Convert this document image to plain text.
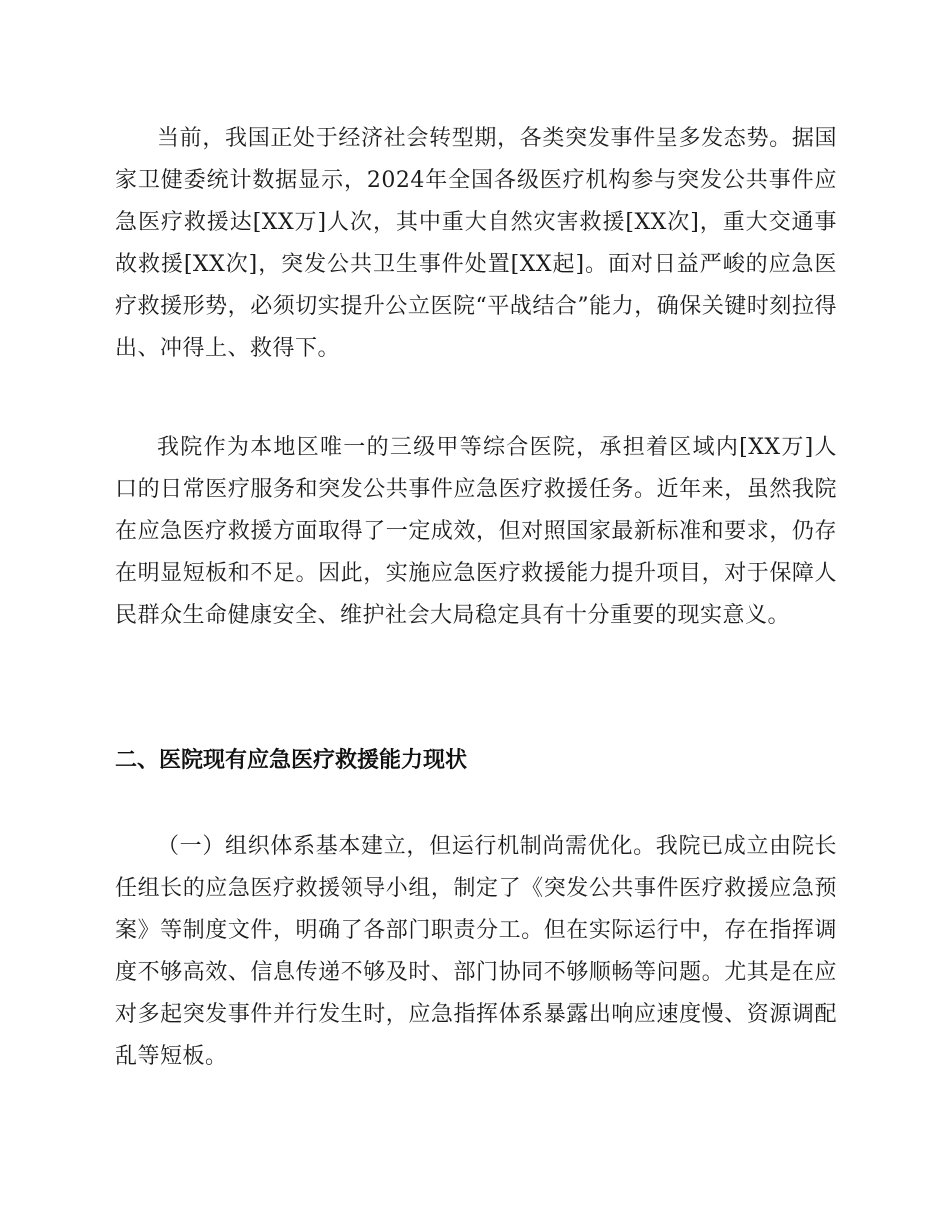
当前，我国正处于经济社会转型期，各类突发事件呈多发态势。据国家卫健委统计数据显示，2024年全国各级医疗机构参与突发公共事件应急医疗救援达[XX万]人次，其中重大自然灾害救援[XX次]，重大交通事故救援[XX次]，突发公共卫生事件处置[XX起]。面对日益严峻的应急医疗救援形势，必须切实提升公立医院“平战结合”能力，确保关键时刻拉得出、冲得上、救得下。

我院作为本地区唯一的三级甲等综合医院，承担着区域内[XX万]人口的日常医疗服务和突发公共事件应急医疗救援任务。近年来，虽然我院在应急医疗救援方面取得了一定成效，但对照国家最新标准和要求，仍存在明显短板和不足。因此，实施应急医疗救援能力提升项目，对于保障人民群众生命健康安全、维护社会大局稳定具有十分重要的现实意义。

二、医院现有应急医疗救援能力现状

（一）组织体系基本建立，但运行机制尚需优化。我院已成立由院长任组长的应急医疗救援领导小组，制定了《突发公共事件医疗救援应急预案》等制度文件，明确了各部门职责分工。但在实际运行中，存在指挥调度不够高效、信息传递不够及时、部门协同不够顺畅等问题。尤其是在应对多起突发事件并行发生时，应急指挥体系暴露出响应速度慢、资源调配乱等短板。
